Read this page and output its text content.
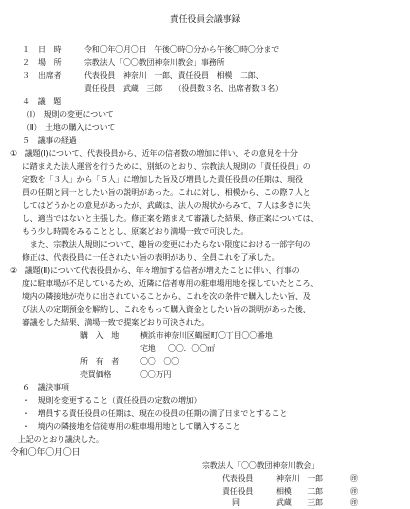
責任役員会議事録
１ 日　時	令和〇年〇月〇日　午後〇時〇分から午後〇時〇分まで
２ 場　所	宗教法人「〇〇教団神奈川教会」事務所
３ 出席者	代表役員　神奈川　一郎、責任役員　相模　二郎、
責任役員　武蔵　三郎　　（役員数３名、出席者数３名）
４　議　題
（Ⅰ）　規則の変更について
（Ⅱ）　土地の購入について
５　議事の経過
①　議題(Ⅰ)について、代表役員から、近年の信者数の増加に伴い、その意見を十分
に踏まえた法人運営を行うために、別紙のとおり、宗教法人規則の「責任役員」の
定数を「３人」から「５人」に増加した旨及び増員した責任役員の任期は、現役
員の任期と同一としたい旨の説明があった。これに対し、相模から、この際７人と
してはどうかとの意見があったが、武蔵は、法人の規状からみて、７人は多きに失
し、適当ではないと主張した。修正案を踏まえて審議した結果、修正案については、
もう少し時間をみることとし、原案どおり満場一致で可決した。
　また、宗教法人規則について、趣旨の変更にわたらない限度における一部字句の
修正は、代表役員に一任されたい旨の表明があり、全員これを了承した。
②　議題(Ⅱ)について代表役員から、年々増加する信者が増えたことに伴い、行事の
度に駐車場が不足しているため、近隣に信者専用の駐車場用地を探していたところ、
境内の隣接地が売りに出されていることから、これを次の条件で購入したい旨、及
び法人の定期預金を解約し、これをもって購入資金としたい旨の説明があった後、
審議をした結果、満場一致で提案どおり可決された。
購　入　地	横浜市神奈川区鶴屋町〇丁目〇〇番地
宅地 〇〇．〇〇㎡
所　有　者	〇〇　〇〇
売買価格	〇〇万円
６　議決事項
・　規則を変更すること（責任役員の定数の増加）
・　増員する責任役員の任期は、現在の役員の任期の満了日までとすること
・　境内の隣接地を信徒専用の駐車場用地として購入すること
上記のとおり議決した。
令和〇年〇月〇日
宗教法人「〇〇教団神奈川教会」
代表役員	神奈川　一郎	㊞
責任役員	相模　　二郎	㊞
同	武蔵　　三郎	㊞
